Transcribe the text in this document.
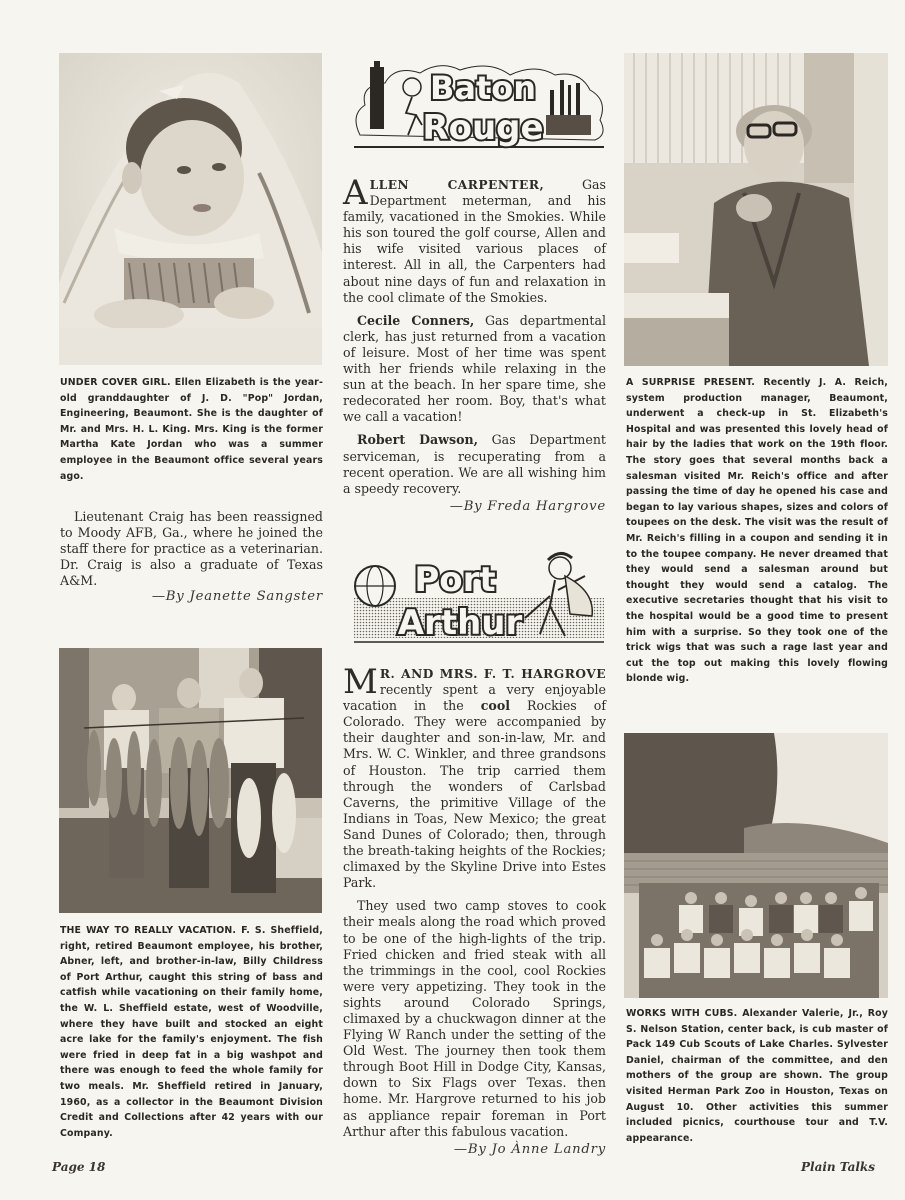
UNDER COVER GIRL. Ellen Elizabeth is the year-old granddaughter of J. D. "Pop" Jordan, Engineering, Beaumont. She is the daughter of Mr. and Mrs. H. L. King. Mrs. King is the former Martha Kate Jordan who was a summer employee in the Beaumont office several years ago.

Lieutenant Craig has been reassigned to Moody AFB, Ga., where he joined the staff there for practice as a veterinarian. Dr. Craig is also a graduate of Texas A&M.

—By Jeanette Sangster
THE WAY TO REALLY VACATION. F. S. Sheffield, right, retired Beaumont employee, his brother, Abner, left, and brother-in-law, Billy Childress of Port Arthur, caught this string of bass and catfish while vacationing on their family home, the W. L. Sheffield estate, west of Woodville, where they have built and stocked an eight acre lake for the family's enjoyment. The fish were fried in deep fat in a big washpot and there was enough to feed the whole family for two meals. Mr. Sheffield retired in January, 1960, as a collector in the Beaumont Division Credit and Collections after 42 years with our Company.
Baton
Rouge

A LLEN CARPENTER,	Gas Department meterman, and his family, vacationed in the Smokies. While his son toured the golf course, Allen and his wife visited various places of interest. All in all, the Carpenters had about nine days of fun and relaxation in the cool climate of the Smokies.

Cecile Conners, Gas departmental clerk, has just returned from a vacation of leisure. Most of her time was spent with her friends while relaxing in the sun at the beach. In her spare time, she redecorated her room. Boy, that's what we call a vacation!

Robert Dawson, Gas Department serviceman, is recuperating from a recent operation. We are all wishing him a speedy recovery.

—By Freda Hargrove
Port
Arthur

M R. AND MRS. F. T. HARGROVE recently spent a very enjoyable vacation in the cool Rockies of Colorado. They were accompanied by their daughter and son-in-law, Mr. and Mrs. W. C. Winkler, and three grandsons of Houston. The trip carried them through the wonders of Carlsbad Caverns, the primitive Village of the Indians in Toas, New Mexico; the great Sand Dunes of Colorado; then, through the breath-taking heights of the Rockies; climaxed by the Skyline Drive into Estes Park.

They used two camp stoves to cook their meals along the road which proved to be one of the high-lights of the trip. Fried chicken and fried steak with all the trimmings in the cool, cool Rockies were very appetizing. They took in the sights around Colorado Springs, climaxed by a chuckwagon dinner at the Flying W Ranch under the setting of the Old West. The journey then took them through Boot Hill in Dodge City, Kansas, down to Six Flags over Texas. then home. Mr. Hargrove returned to his job as appliance repair foreman in Port Arthur after this fabulous vacation.

—By Jo Ànne Landry
A SURPRISE PRESENT. Recently J. A. Reich, system production manager, Beaumont, underwent a check-up in St. Elizabeth's Hospital and was presented this lovely head of hair by the ladies that work on the 19th floor. The story goes that several months back a salesman visited Mr. Reich's office and after passing the time of day he opened his case and began to lay various shapes, sizes and colors of toupees on the desk. The visit was the result of Mr. Reich's filling in a coupon and sending it in to the toupee company. He never dreamed that they would send a salesman around but thought they would send a catalog. The executive secretaries thought that his visit to the hospital would be a good time to present him with a surprise. So they took one of the trick wigs that was such a rage last year and cut the top out making this lovely flowing blonde wig.
WORKS WITH CUBS. Alexander Valerie, Jr., Roy S. Nelson Station, center back, is cub master of Pack 149 Cub Scouts of Lake Charles. Sylvester Daniel, chairman of the committee, and den mothers of the group are shown. The group visited Herman Park Zoo in Houston, Texas on August 10. Other activities this summer included picnics, courthouse tour and T.V. appearance.
Page 18	Plain Talks
